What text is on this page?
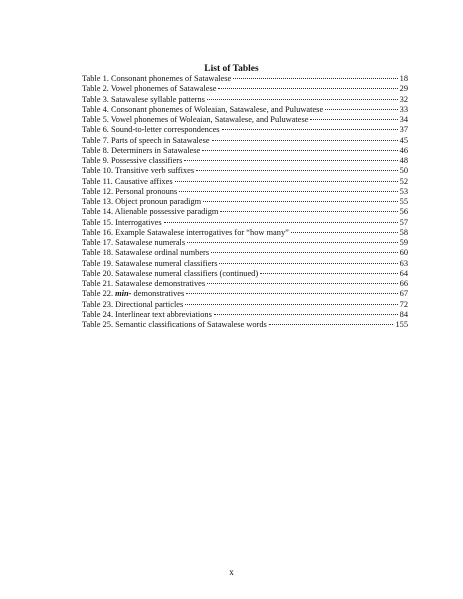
List of Tables
Table 1. Consonant phonemes of Satawalese	18
Table 2. Vowel phonemes of Satawalese	29
Table 3. Satawalese syllable patterns	32
Table 4. Consonant phonemes of Woleaian, Satawalese, and Puluwatese	33
Table 5. Vowel phonemes of Woleaian, Satawalese, and Puluwatese	34
Table 6. Sound-to-letter correspondences	37
Table 7. Parts of speech in Satawalese	45
Table 8. Determiners in Satawalese	46
Table 9. Possessive classifiers	48
Table 10. Transitive verb suffixes	50
Table 11. Causative affixes	52
Table 12. Personal pronouns	53
Table 13. Object pronoun paradigm	55
Table 14. Alienable possessive paradigm	56
Table 15. Interrogatives	57
Table 16. Example Satawalese interrogatives for “how many”	58
Table 17. Satawalese numerals	59
Table 18. Satawalese ordinal numbers	60
Table 19. Satawalese numeral classifiers	63
Table 20. Satawalese numeral classifiers (continued)	64
Table 21. Satawalese demonstratives	66
Table 22. min- demonstratives	67
Table 23. Directional particles	72
Table 24. Interlinear text abbreviations	84
Table 25. Semantic classifications of Satawalese words	155
x
